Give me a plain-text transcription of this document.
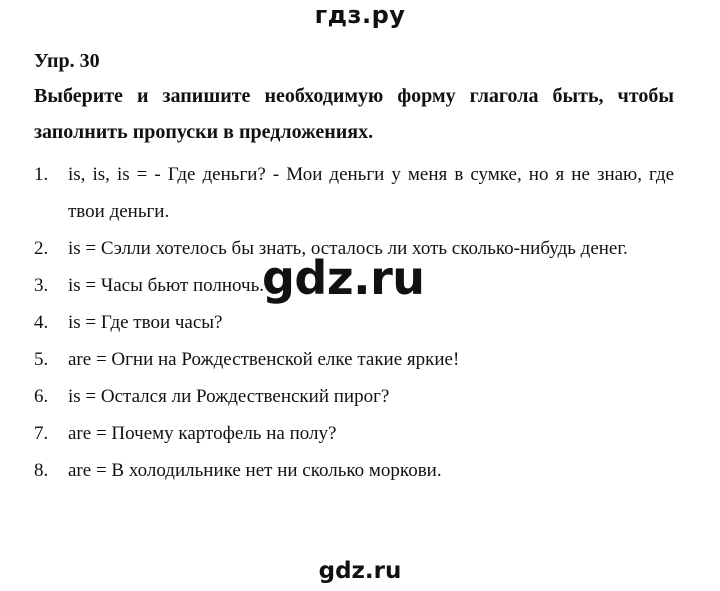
гдз.ру
Упр. 30
Выберите и запишите необходимую форму глагола быть, чтобы заполнить пропуски в предложениях.
1. is, is, is = - Где деньги? - Мои деньги у меня в сумке, но я не знаю, где твои деньги.
2. is = Сэлли хотелось бы знать, осталось ли хоть сколько-нибудь денег.
3. is = Часы бьют полночь.
4. is = Где твои часы?
5. are = Огни на Рождественской елке такие яркие!
6. is = Остался ли Рождественский пирог?
7. are = Почему картофель на полу?
8. are = В холодильнике нет ни сколько моркови.
gdz.ru
gdz.ru
